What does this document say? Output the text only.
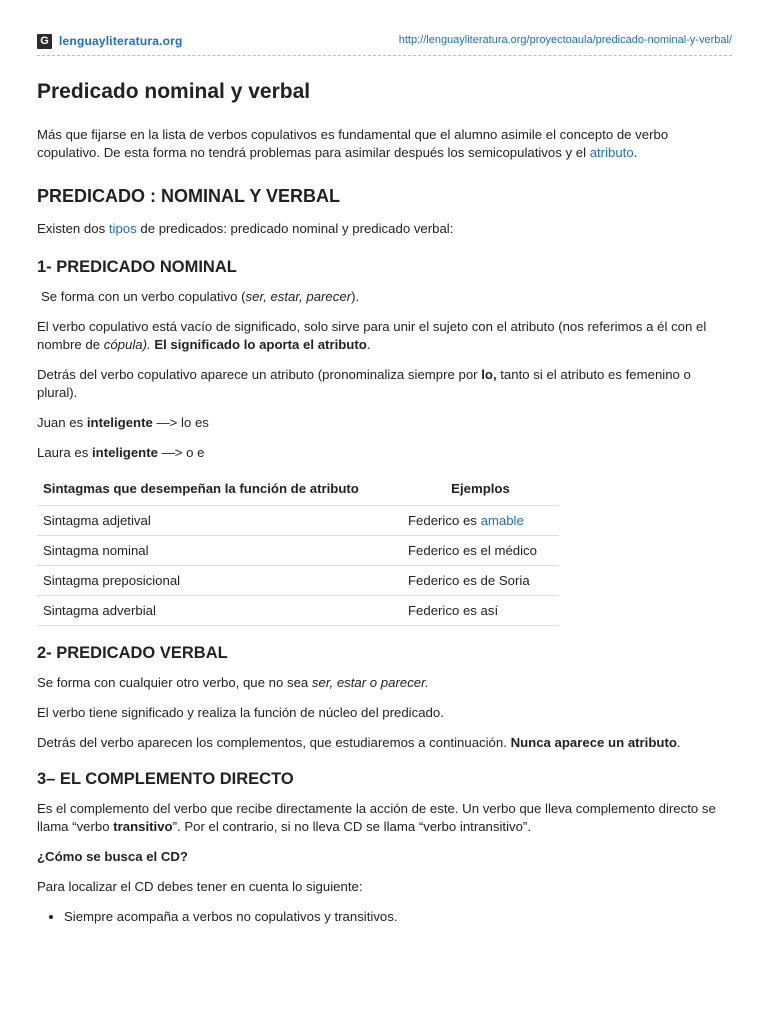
G lenguayliteratura.org	http://lenguayliteratura.org/proyectoaula/predicado-nominal-y-verbal/
Predicado nominal y verbal

Más que fijarse en la lista de verbos copulativos es fundamental que el alumno asimile el concepto de verbo copulativo. De esta forma no tendrá problemas para asimilar después los semicopulativos y el atributo.

PREDICADO : NOMINAL Y VERBAL

Existen dos tipos de predicados: predicado nominal y predicado verbal:

1- PREDICADO NOMINAL

Se forma con un verbo copulativo (ser, estar, parecer).

El verbo copulativo está vacío de significado, solo sirve para unir el sujeto con el atributo (nos referimos a él con el nombre de cópula). El significado lo aporta el atributo.

Detrás del verbo copulativo aparece un atributo (pronominaliza siempre por lo, tanto si el atributo es femenino o plural).

Juan es inteligente —> lo es

Laura es inteligente —> o e

Sintagmas que desempeñan la función de atributo	Ejemplos
Sintagma adjetival	Federico es amable
Sintagma nominal	Federico es el médico
Sintagma preposicional	Federico es de Soria
Sintagma adverbial	Federico es así
2- PREDICADO VERBAL

Se forma con cualquier otro verbo, que no sea ser, estar o parecer.

El verbo tiene significado y realiza la función de núcleo del predicado.

Detrás del verbo aparecen los complementos, que estudiaremos a continuación. Nunca aparece un atributo.

3– EL COMPLEMENTO DIRECTO

Es el complemento del verbo que recibe directamente la acción de este. Un verbo que lleva complemento directo se llama “verbo transitivo”. Por el contrario, si no lleva CD se llama “verbo intransitivo”.

¿Cómo se busca el CD?

Para localizar el CD debes tener en cuenta lo siguiente:

• Siempre acompaña a verbos no copulativos y transitivos.
